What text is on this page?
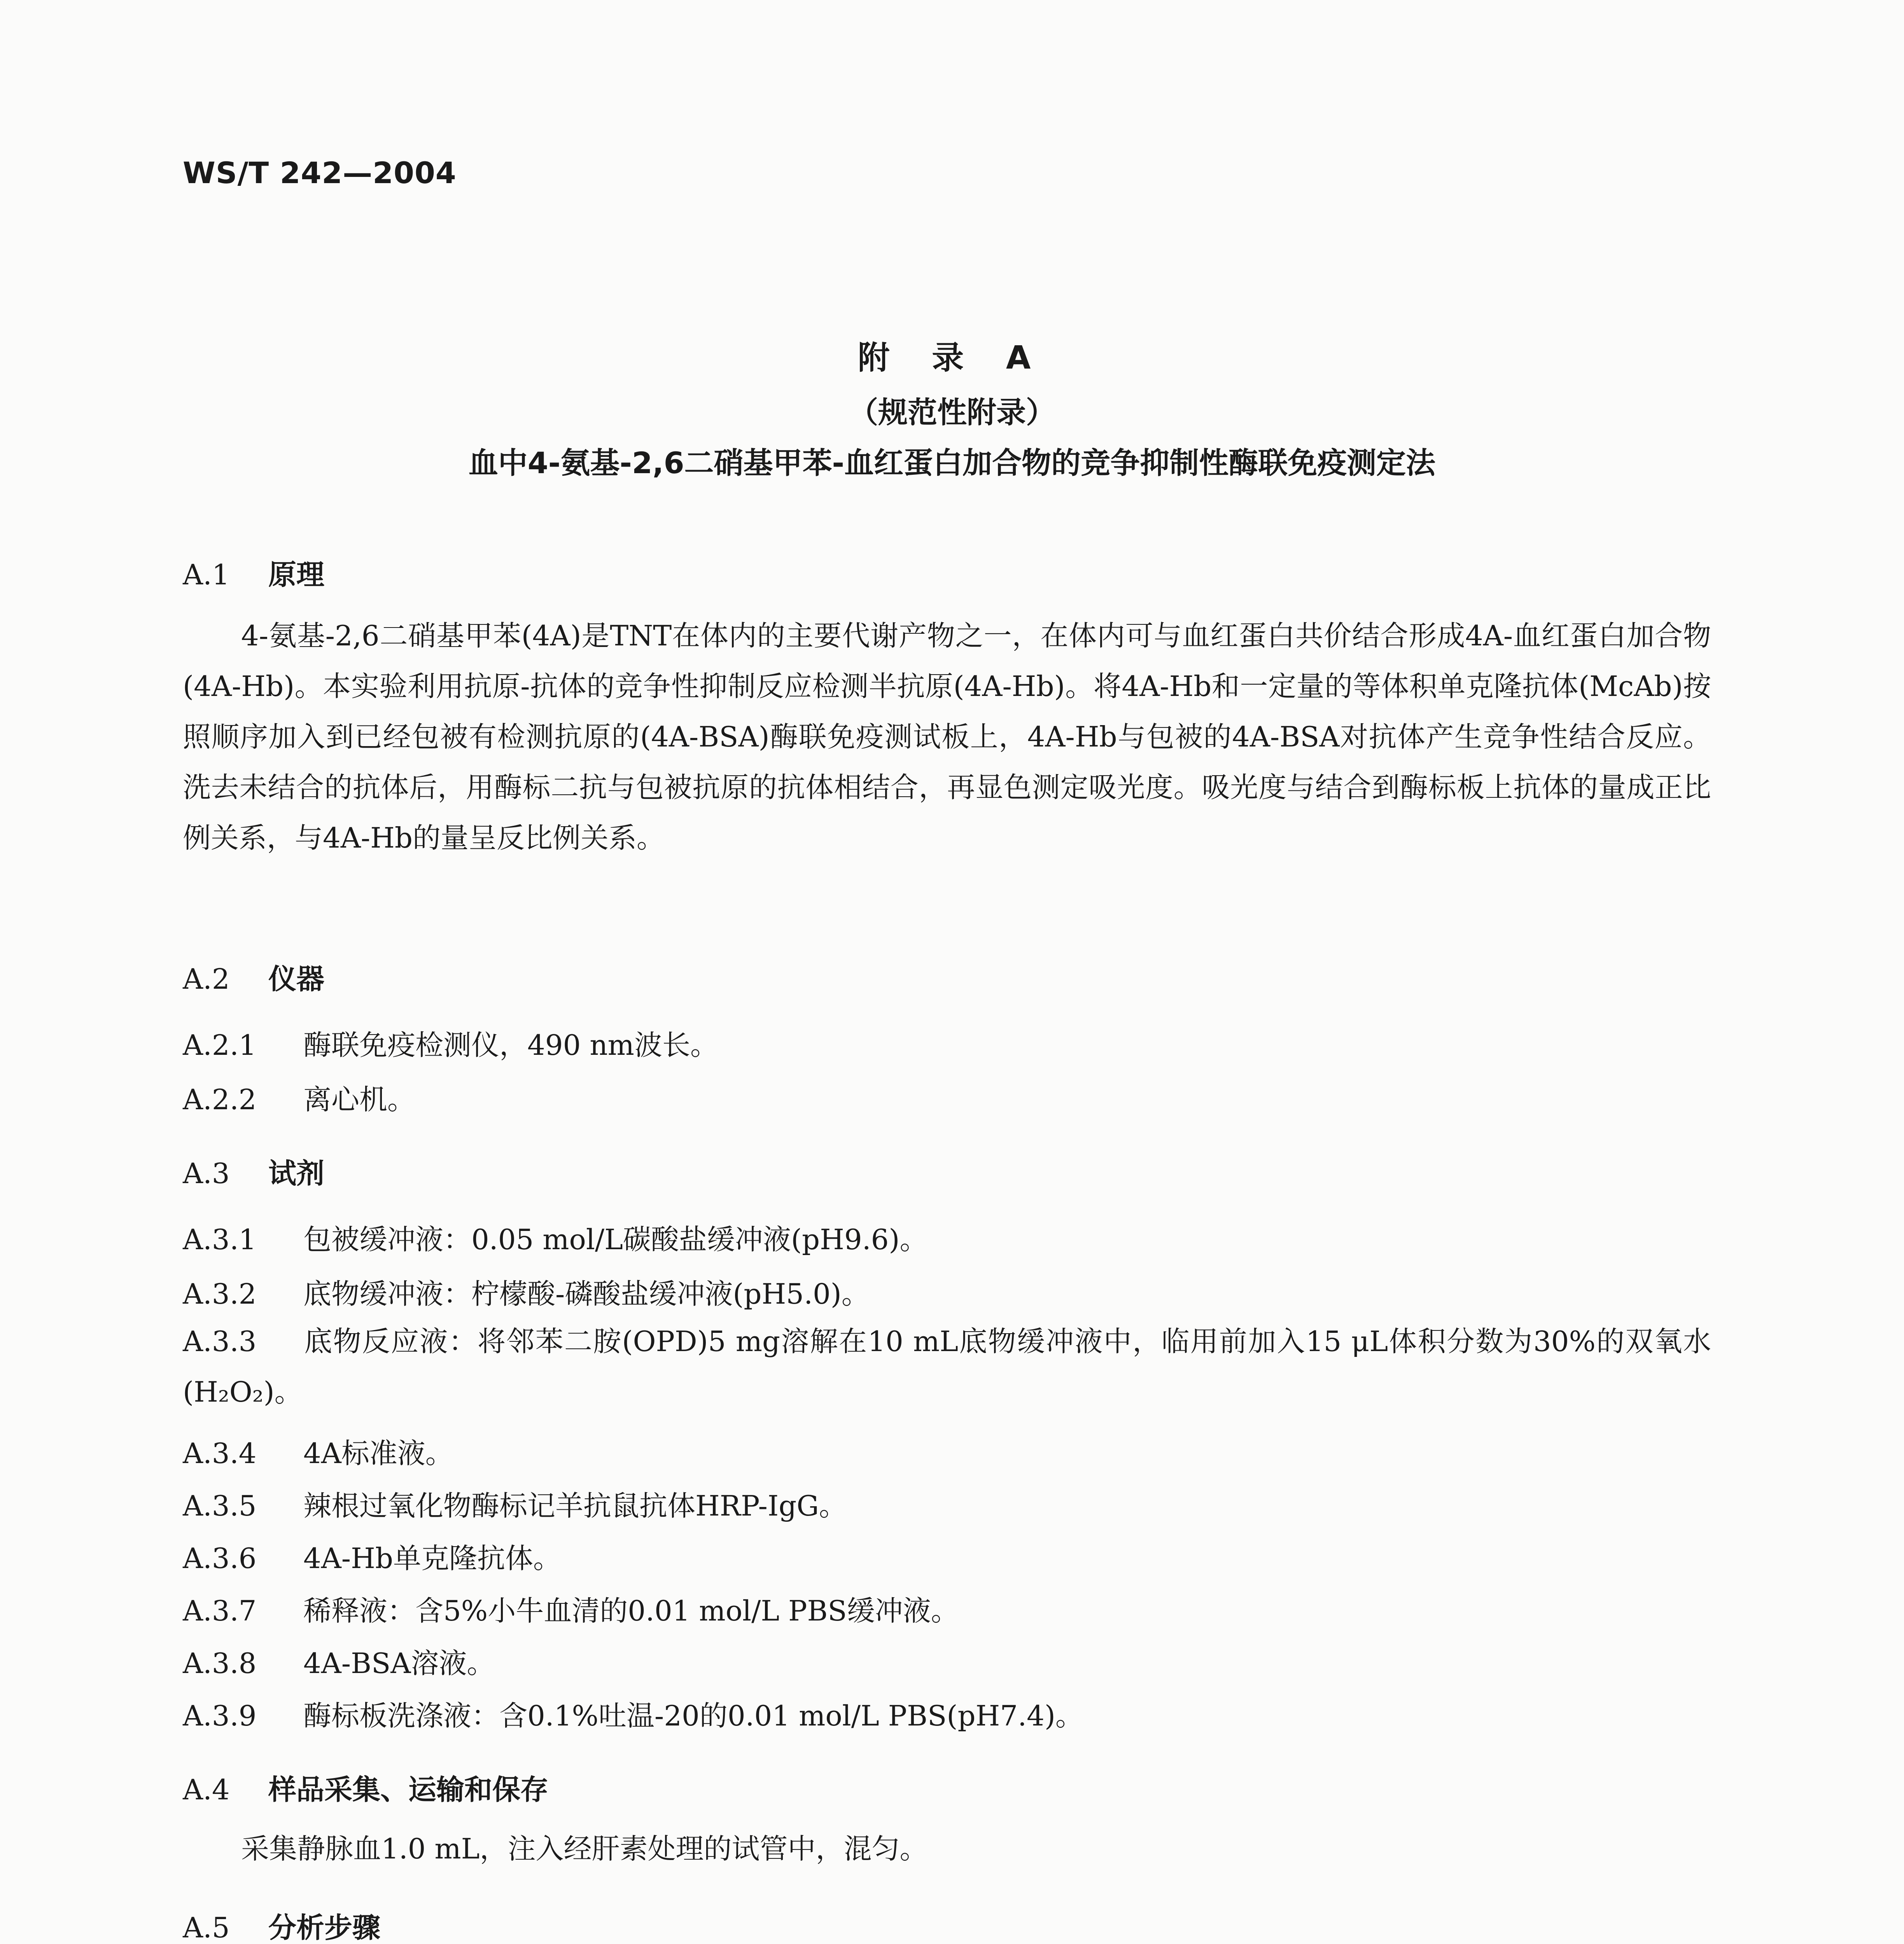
WS/T 242—2004
附 录 A
（规范性附录）
血中4-氨基-2,6二硝基甲苯-血红蛋白加合物的竞争抑制性酶联免疫测定法
A.1 原理

4-氨基-2,6二硝基甲苯(4A)是TNT在体内的主要代谢产物之一，在体内可与血红蛋白共价结合形成4A-血红蛋白加合物(4A-Hb)。本实验利用抗原-抗体的竞争性抑制反应检测半抗原(4A-Hb)。将4A-Hb和一定量的等体积单克隆抗体(McAb)按照顺序加入到已经包被有检测抗原的(4A-BSA)酶联免疫测试板上，4A-Hb与包被的4A-BSA对抗体产生竞争性结合反应。洗去未结合的抗体后，用酶标二抗与包被抗原的抗体相结合，再显色测定吸光度。吸光度与结合到酶标板上抗体的量成正比例关系，与4A-Hb的量呈反比例关系。

A.2 仪器
A.2.1 酶联免疫检测仪，490 nm波长。
A.2.2 离心机。
A.3 试剂
A.3.1 包被缓冲液：0.05 mol/L碳酸盐缓冲液(pH9.6)。
A.3.2 底物缓冲液：柠檬酸-磷酸盐缓冲液(pH5.0)。

A.3.3 底物反应液：将邻苯二胺(OPD)5 mg溶解在10 mL底物缓冲液中，临用前加入15 μL体积分数为30%的双氧水(H₂O₂)。

A.3.4 4A标准液。
A.3.5 辣根过氧化物酶标记羊抗鼠抗体HRP-IgG。
A.3.6 4A-Hb单克隆抗体。
A.3.7 稀释液：含5%小牛血清的0.01 mol/L PBS缓冲液。
A.3.8 4A-BSA溶液。
A.3.9 酶标板洗涤液：含0.1%吐温-20的0.01 mol/L PBS(pH7.4)。
A.4 样品采集、运输和保存

采集静脉血1.0 mL，注入经肝素处理的试管中，混匀。

A.5 分析步骤
